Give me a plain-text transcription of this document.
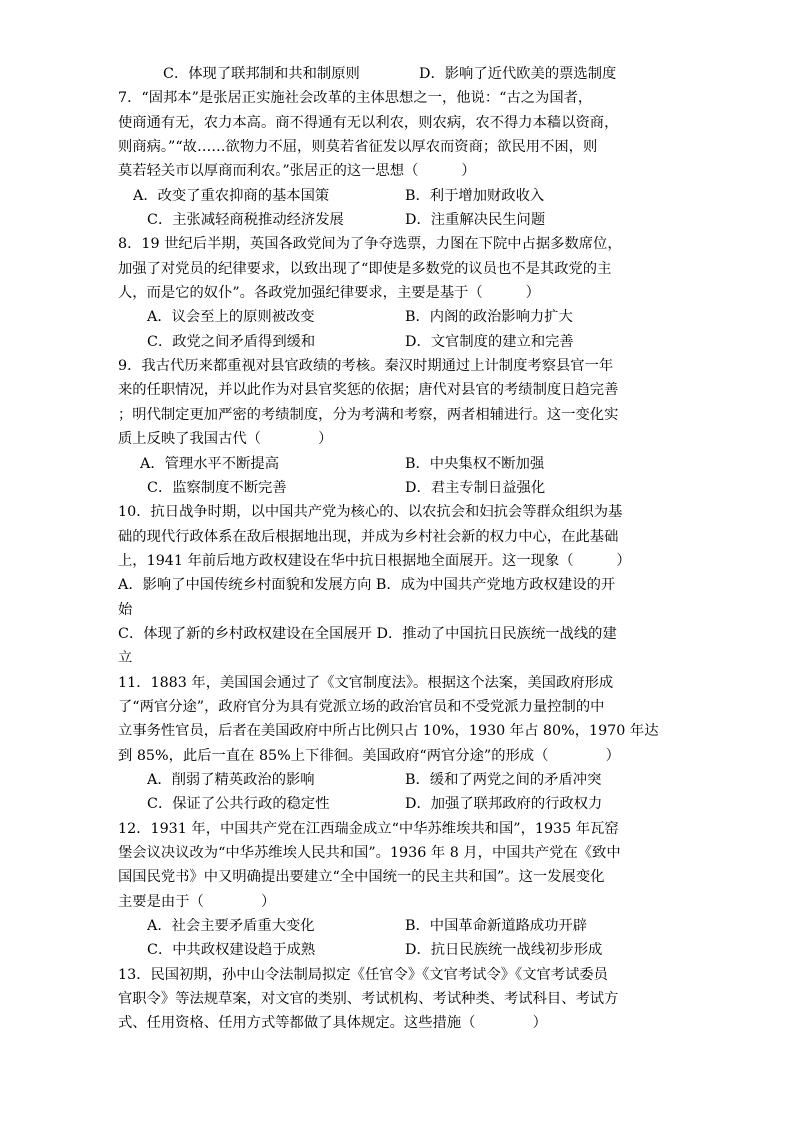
C．体现了联邦制和共和制原则	D．影响了近代欧美的票选制度
7．“固邦本”是张居正实施社会改革的主体思想之一，他说：“古之为国者，
使商通有无，农力本高。商不得通有无以利农，则农病，农不得力本穑以资商，
则商病。”“故……欲物力不屈，则莫若省征发以厚农而资商；欲民用不困，则
莫若轻关市以厚商而利农。”张居正的这一思想（　　　）
A．改变了重农抑商的基本国策	B．利于增加财政收入
C．主张减轻商税推动经济发展	D．注重解决民生问题
8．19 世纪后半期，英国各政党间为了争夺选票，力图在下院中占据多数席位，
加强了对党员的纪律要求，以致出现了“即使是多数党的议员也不是其政党的主
人，而是它的奴仆”。各政党加强纪律要求，主要是基于（　　　）
A．议会至上的原则被改变	B．内阁的政治影响力扩大
C．政党之间矛盾得到缓和	D．文官制度的建立和完善
9．我古代历来都重视对县官政绩的考核。秦汉时期通过上计制度考察县官一年
来的任职情况，并以此作为对县官奖惩的依据；唐代对县官的考绩制度日趋完善
；明代制定更加严密的考绩制度，分为考满和考察，两者相辅进行。这一变化实
质上反映了我国古代（　　　　）
A．管理水平不断提高	B．中央集权不断加强
C．监察制度不断完善	D．君主专制日益强化
10．抗日战争时期，以中国共产党为核心的、以农抗会和妇抗会等群众组织为基
础的现代行政体系在敌后根据地出现，并成为乡村社会新的权力中心，在此基础
上，1941 年前后地方政权建设在华中抗日根据地全面展开。这一现象（　　　）
A．影响了中国传统乡村面貌和发展方向 B．成为中国共产党地方政权建设的开
始
C．体现了新的乡村政权建设在全国展开 D．推动了中国抗日民族统一战线的建
立
11．1883 年，美国国会通过了《文官制度法》。根据这个法案，美国政府形成
了“两官分途”，政府官分为具有党派立场的政治官员和不受党派力量控制的中
立事务性官员，后者在美国政府中所占比例只占 10%，1930 年占 80%，1970 年达
到 85%，此后一直在 85%上下徘徊。美国政府“两官分途”的形成（　　　　）
A．削弱了精英政治的影响	B．缓和了两党之间的矛盾冲突
C．保证了公共行政的稳定性	D．加强了联邦政府的行政权力
12．1931 年，中国共产党在江西瑞金成立“中华苏维埃共和国”，1935 年瓦窑
堡会议决议改为“中华苏维埃人民共和国”。1936 年 8 月，中国共产党在《致中
国国民党书》中又明确提出要建立“全中国统一的民主共和国”。这一发展变化
主要是由于（　　　　）
A．社会主要矛盾重大变化	B．中国革命新道路成功开辟
C．中共政权建设趋于成熟	D．抗日民族统一战线初步形成
13．民国初期，孙中山令法制局拟定《任官令》《文官考试令》《文官考试委员
官职令》等法规草案，对文官的类别、考试机构、考试种类、考试科目、考试方
式、任用资格、任用方式等都做了具体规定。这些措施（　　　　）
